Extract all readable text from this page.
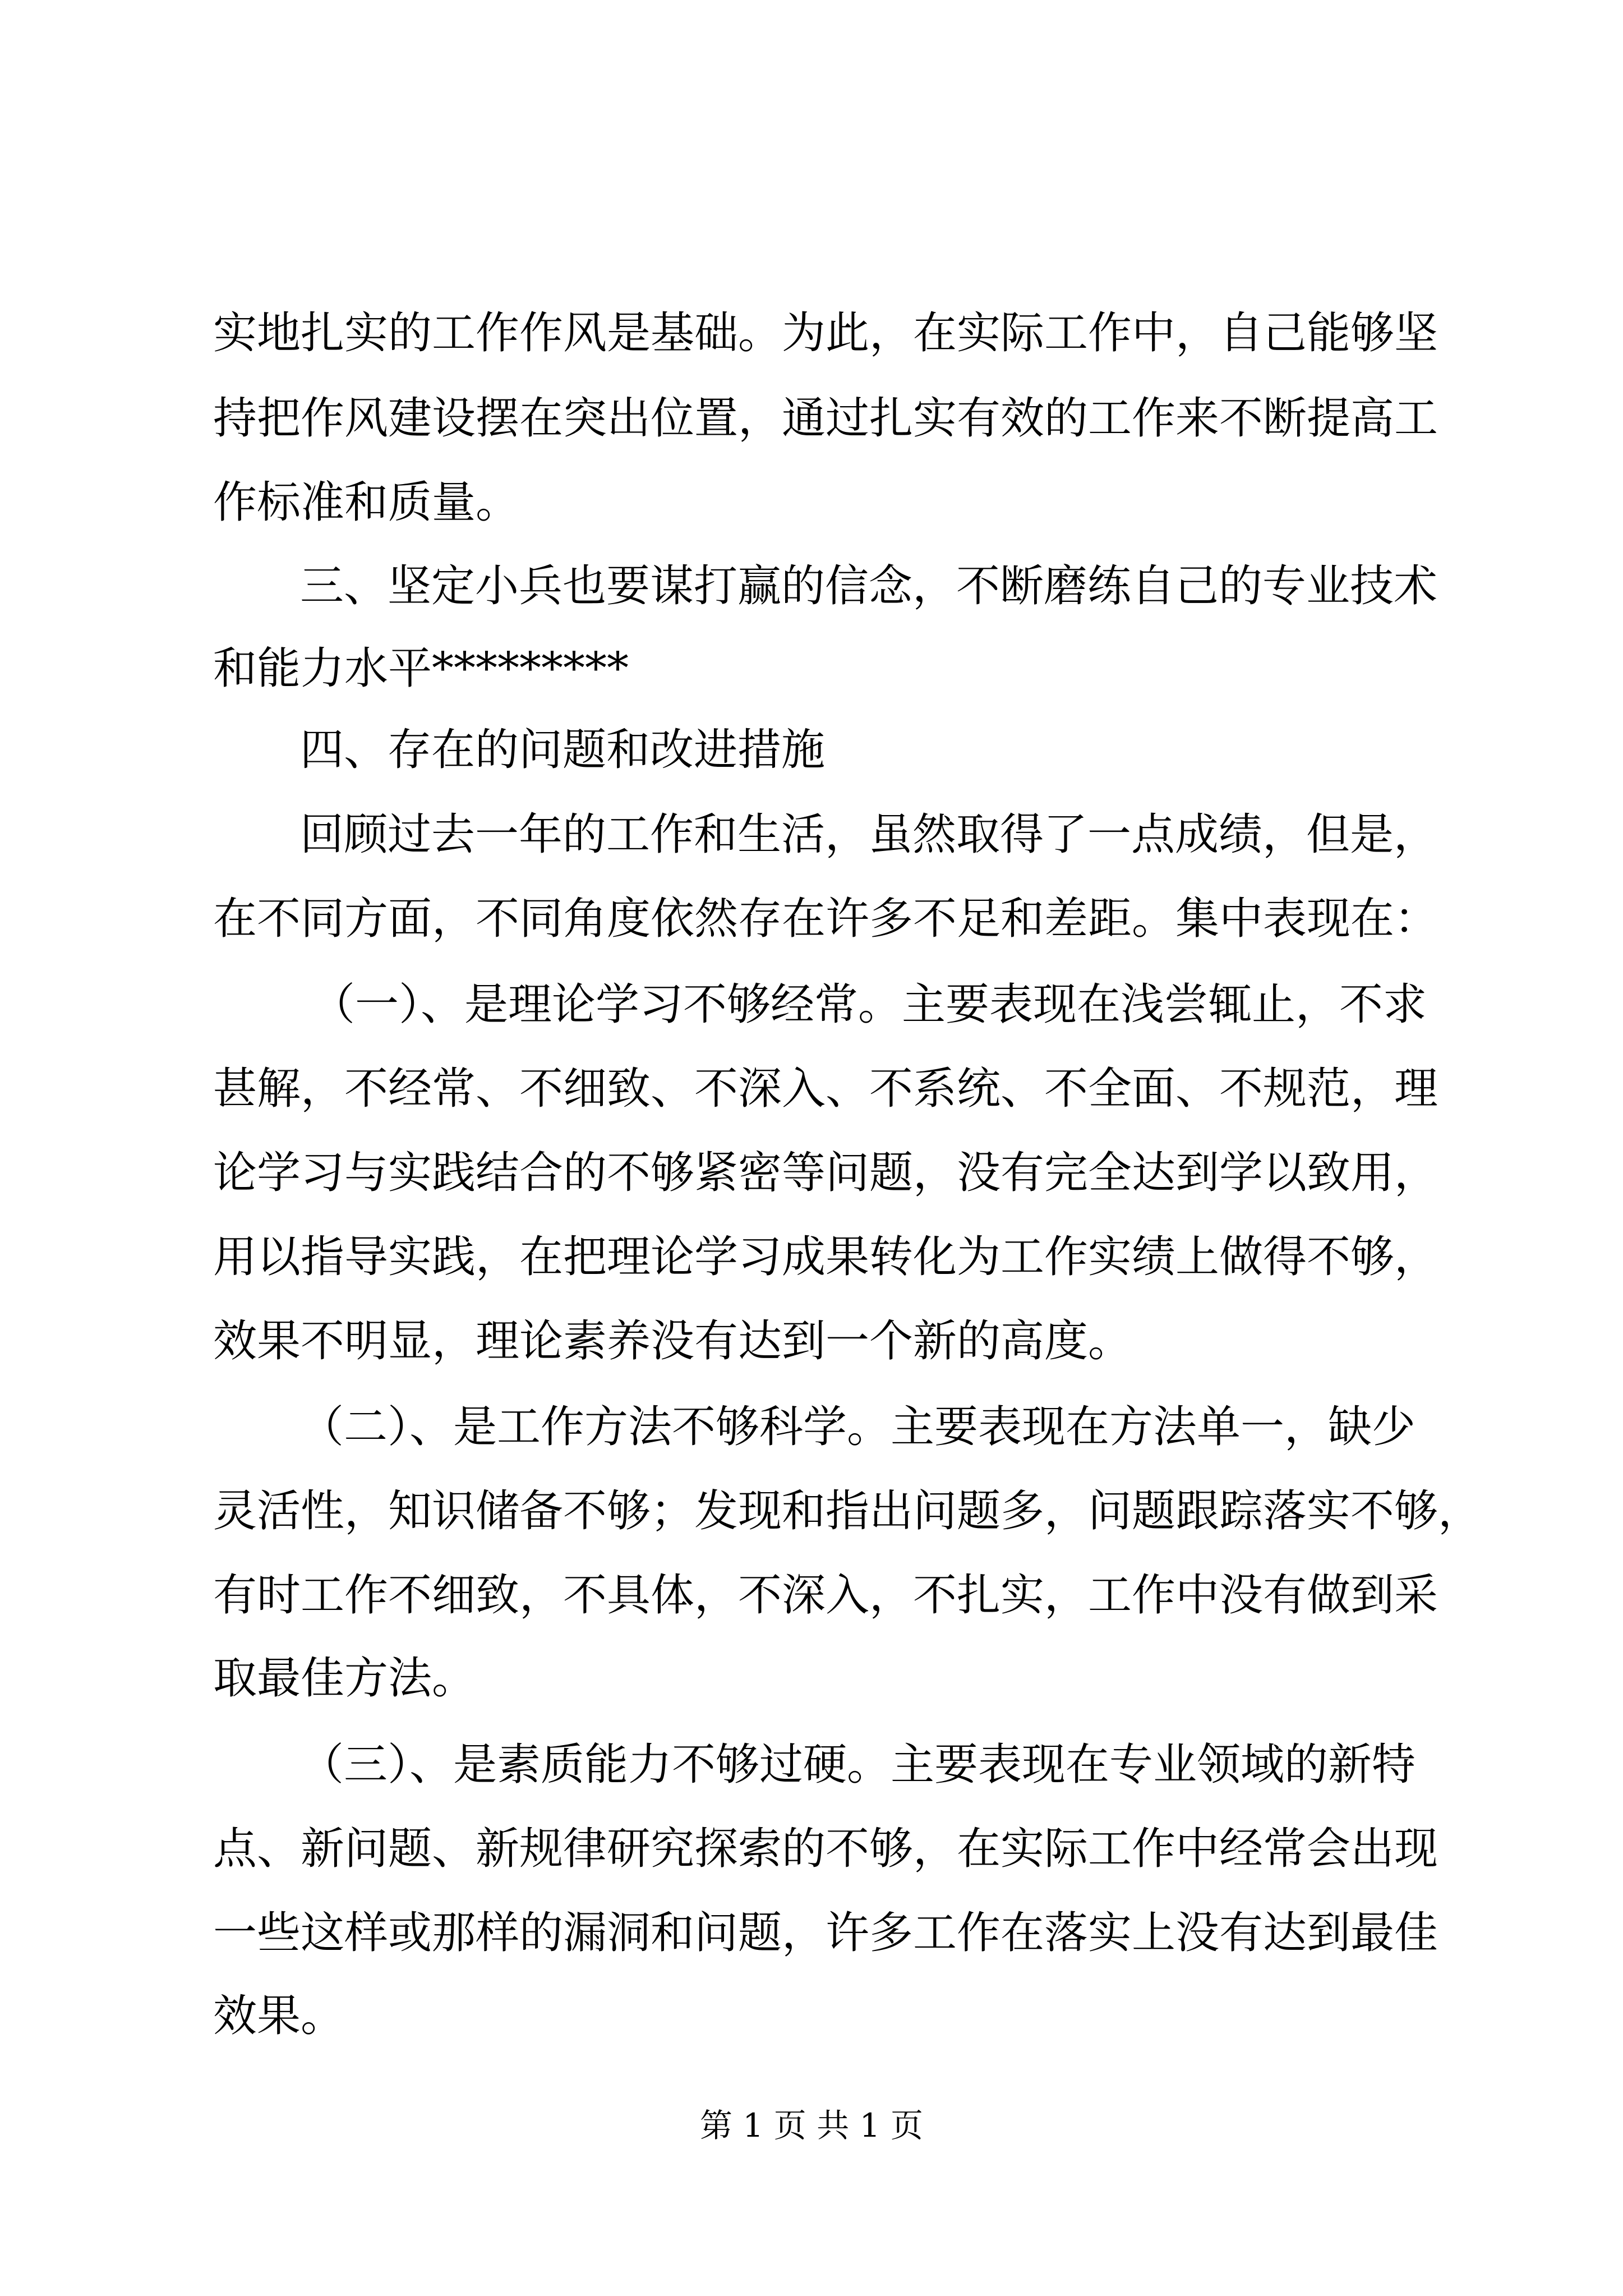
实地扎实的工作作风是基础。为此，在实际工作中，自己能够坚
持把作风建设摆在突出位置，通过扎实有效的工作来不断提高工
作标准和质量。
三、坚定小兵也要谋打赢的信念，不断磨练自己的专业技术
和能力水平*********
四、存在的问题和改进措施
回顾过去一年的工作和生活，虽然取得了一点成绩，但是，
在不同方面，不同角度依然存在许多不足和差距。集中表现在：
（一）、是理论学习不够经常。主要表现在浅尝辄止，不求
甚解，不经常、不细致、不深入、不系统、不全面、不规范，理
论学习与实践结合的不够紧密等问题，没有完全达到学以致用，
用以指导实践，在把理论学习成果转化为工作实绩上做得不够，
效果不明显，理论素养没有达到一个新的高度。
（二）、是工作方法不够科学。主要表现在方法单一，缺少
灵活性，知识储备不够；发现和指出问题多，问题跟踪落实不够，
有时工作不细致，不具体，不深入，不扎实，工作中没有做到采
取最佳方法。
（三）、是素质能力不够过硬。主要表现在专业领域的新特
点、新问题、新规律研究探索的不够，在实际工作中经常会出现
一些这样或那样的漏洞和问题，许多工作在落实上没有达到最佳
效果。
第 1 页 共 1 页
